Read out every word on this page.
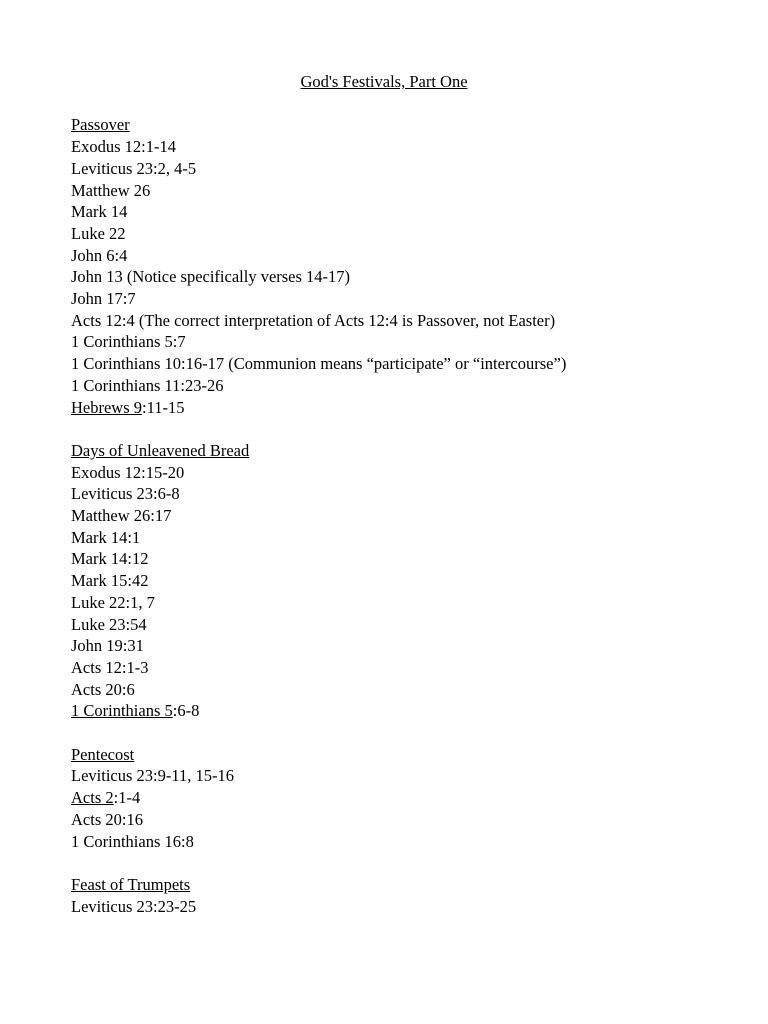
God's Festivals, Part One
Passover
Exodus 12:1-14
Leviticus 23:2, 4-5
Matthew 26
Mark 14
Luke 22
John 6:4
John 13 (Notice specifically verses 14-17)
John 17:7
Acts 12:4 (The correct interpretation of Acts 12:4 is Passover, not Easter)
1 Corinthians 5:7
1 Corinthians 10:16-17 (Communion means “participate” or “intercourse”)
1 Corinthians 11:23-26
Hebrews 9:11-15
Days of Unleavened Bread
Exodus 12:15-20
Leviticus 23:6-8
Matthew 26:17
Mark 14:1
Mark 14:12
Mark 15:42
Luke 22:1, 7
Luke 23:54
John 19:31
Acts 12:1-3
Acts 20:6
1 Corinthians 5:6-8
Pentecost
Leviticus 23:9-11, 15-16
Acts 2:1-4
Acts 20:16
1 Corinthians 16:8
Feast of Trumpets
Leviticus 23:23-25
